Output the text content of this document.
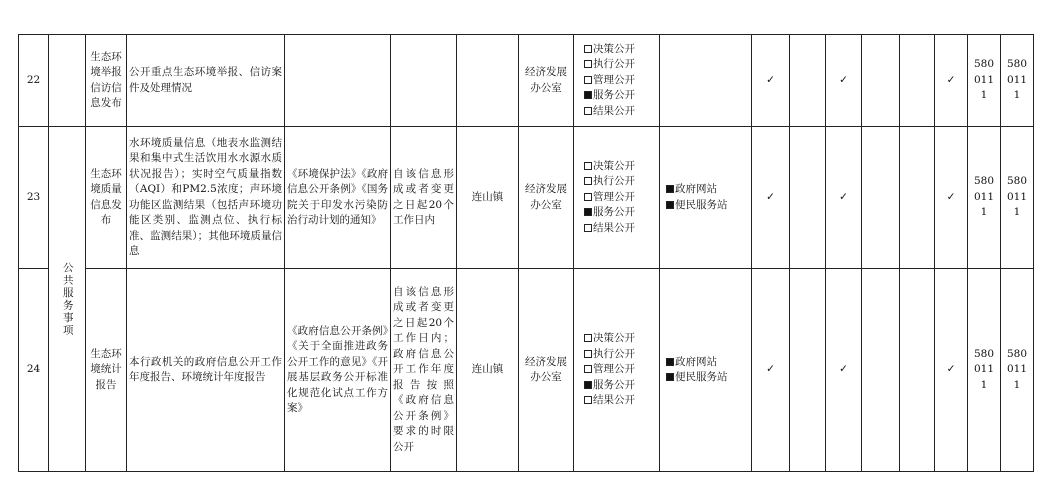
22		生态环境举报信访信息发布	公开重点生态环境举报、信访案件及处理情况				经济发展办公室	决策公开
执行公开
管理公开
服务公开
结果公开		✓		✓			✓	580
011
1	580
011
1

23	公共服务事项	生态环境质量信息发布	水环境质量信息（地表水监测结果和集中式生活饮用水水源水质状况报告）；实时空气质量指数（AQI）和PM2.5浓度；声环境功能区监测结果（包括声环境功能区类别、监测点位、执行标准、监测结果）；其他环境质量信息	《环境保护法》《政府信息公开条例》《国务院关于印发水污染防治行动计划的通知》	自该信息形成或者变更之日起20个工作日内	连山镇	经济发展办公室	决策公开
执行公开
管理公开
服务公开
结果公开	政府网站
便民服务站	✓		✓			✓	580
011
1	580
011
1

24		生态环境统计报告	本行政机关的政府信息公开工作年度报告、环境统计年度报告	《政府信息公开条例》《关于全面推进政务公开工作的意见》《开展基层政务公开标准化规范化试点工作方案》	自该信息形成或者变更之日起20个工作日内；政府信息公开工作年度报告按照《政府信息公开条例》要求的时限公开	连山镇	经济发展办公室	决策公开
执行公开
管理公开
服务公开
结果公开	政府网站
便民服务站	✓		✓			✓	580
011
1	580
011
1
